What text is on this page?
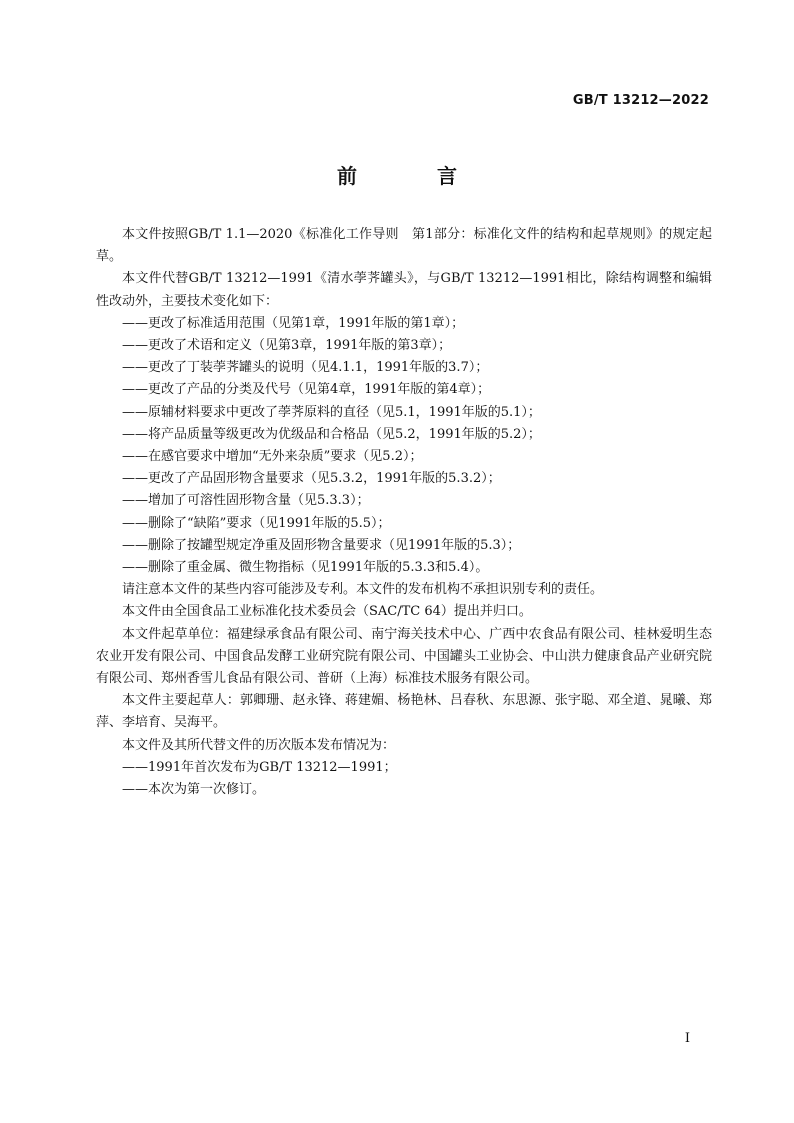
GB/T 13212—2022
前　言

本文件按照GB/T 1.1—2020《标准化工作导则　第1部分：标准化文件的结构和起草规则》的规定起草。

本文件代替GB/T 13212—1991《清水荸荠罐头》，与GB/T 13212—1991相比，除结构调整和编辑性改动外，主要技术变化如下：

——更改了标准适用范围（见第1章，1991年版的第1章）；

——更改了术语和定义（见第3章，1991年版的第3章）；

——更改了丁装荸荠罐头的说明（见4.1.1，1991年版的3.7）；

——更改了产品的分类及代号（见第4章，1991年版的第4章）；

——原辅材料要求中更改了荸荠原料的直径（见5.1，1991年版的5.1）；

——将产品质量等级更改为优级品和合格品（见5.2，1991年版的5.2）；

——在感官要求中增加“无外来杂质”要求（见5.2）；

——更改了产品固形物含量要求（见5.3.2，1991年版的5.3.2）；

——增加了可溶性固形物含量（见5.3.3）；

——删除了“缺陷”要求（见1991年版的5.5）；

——删除了按罐型规定净重及固形物含量要求（见1991年版的5.3）；

——删除了重金属、微生物指标（见1991年版的5.3.3和5.4）。

请注意本文件的某些内容可能涉及专利。本文件的发布机构不承担识别专利的责任。

本文件由全国食品工业标准化技术委员会（SAC/TC 64）提出并归口。

本文件起草单位：福建绿承食品有限公司、南宁海关技术中心、广西中农食品有限公司、桂林爱明生态农业开发有限公司、中国食品发酵工业研究院有限公司、中国罐头工业协会、中山洪力健康食品产业研究院有限公司、郑州香雪儿食品有限公司、普研（上海）标准技术服务有限公司。

本文件主要起草人：郭卿珊、赵永锋、蒋建媚、杨艳林、吕春秋、东思源、张宇聪、邓全道、晁曦、郑萍、李培育、吴海平。

本文件及其所代替文件的历次版本发布情况为：

——1991年首次发布为GB/T 13212—1991；

——本次为第一次修订。

I
